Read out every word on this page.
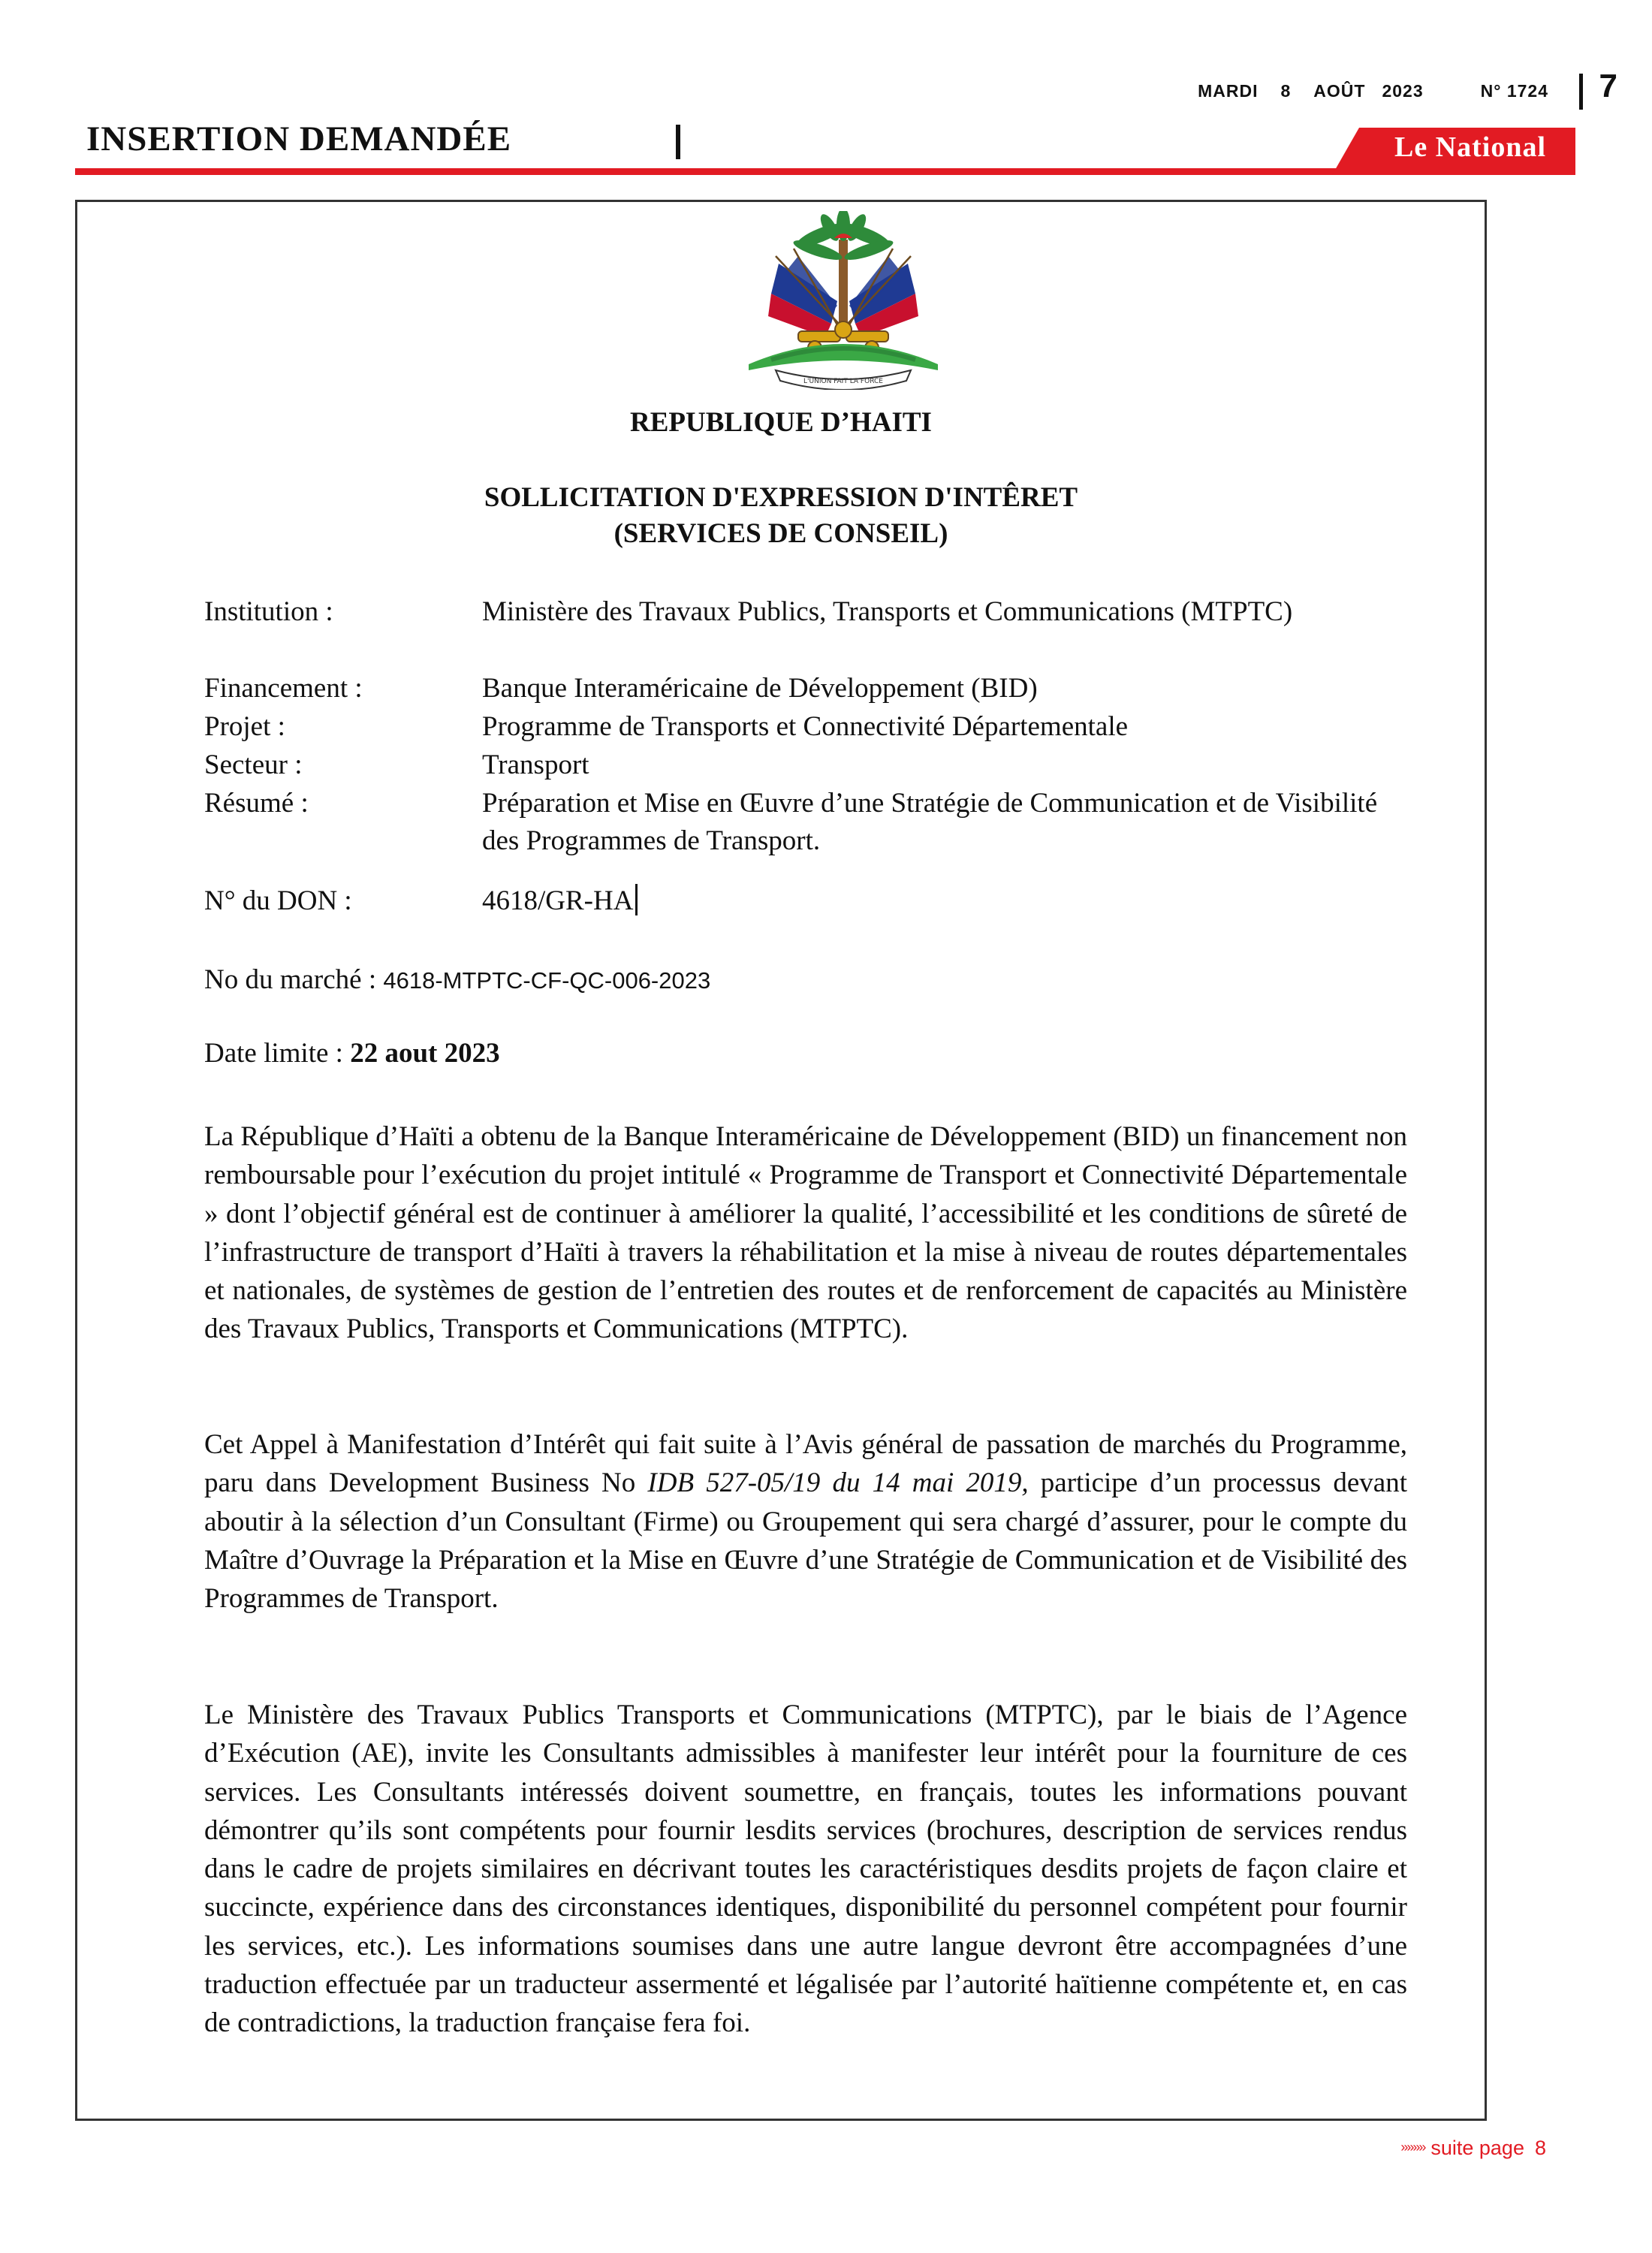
MARDI 8 AOÛT 2023	N° 1724 7
INSERTION DEMANDÉE	Le National
L'UNION FAIT LA FORCE
REPUBLIQUE D’HAITI
SOLLICITATION D'EXPRESSION D'INTÊRET
(SERVICES DE CONSEIL)
Institution :	Ministère des Travaux Publics, Transports et Communications (MTPTC)
Financement :	Banque Interaméricaine de Développement (BID)
Projet :	Programme de Transports et Connectivité Départementale
Secteur :	Transport
Résumé :	Préparation et Mise en Œuvre d’une Stratégie de Communication et de Visibilité des Programmes de Transport.
N° du DON :	4618/GR-HA
No du marché : 4618-MTPTC-CF-QC-006-2023
Date limite : 22 aout 2023
La République d’Haïti a obtenu de la Banque Interaméricaine de Développement (BID) un financement non remboursable pour l’exécution du projet intitulé « Programme de Transport et Connectivité Départementale » dont l’objectif général est de continuer à améliorer la qualité, l’accessibilité et les conditions de sûreté de l’infrastructure de transport d’Haïti à travers la réhabilitation et la mise à niveau de routes départementales et nationales, de systèmes de gestion de l’entretien des routes et de renforcement de capacités au Ministère des Travaux Publics, Transports et Communications (MTPTC).
Cet Appel à Manifestation d’Intérêt qui fait suite à l’Avis général de passation de marchés du Programme, paru dans Development Business No IDB 527-05/19 du 14 mai 2019, participe d’un processus devant aboutir à la sélection d’un Consultant (Firme) ou Groupement qui sera chargé d’assurer, pour le compte du Maître d’Ouvrage la Préparation et la Mise en Œuvre d’une Stratégie de Communication et de Visibilité des Programmes de Transport.
Le Ministère des Travaux Publics Transports et Communications (MTPTC), par le biais de l’Agence d’Exécution (AE), invite les Consultants admissibles à manifester leur intérêt pour la fourniture de ces services. Les Consultants intéressés doivent soumettre, en français, toutes les informations pouvant démontrer qu’ils sont compétents pour fournir lesdits services (brochures, description de services rendus dans le cadre de projets similaires en décrivant toutes les caractéristiques desdits projets de façon claire et succincte, expérience dans des circonstances identiques, disponibilité du personnel compétent pour fournir les services, etc.). Les informations soumises dans une autre langue devront être accompagnées d’une traduction effectuée par un traducteur assermenté et légalisée par l’autorité haïtienne compétente et, en cas de contradictions, la traduction française fera foi.
»»»» suite page 8
